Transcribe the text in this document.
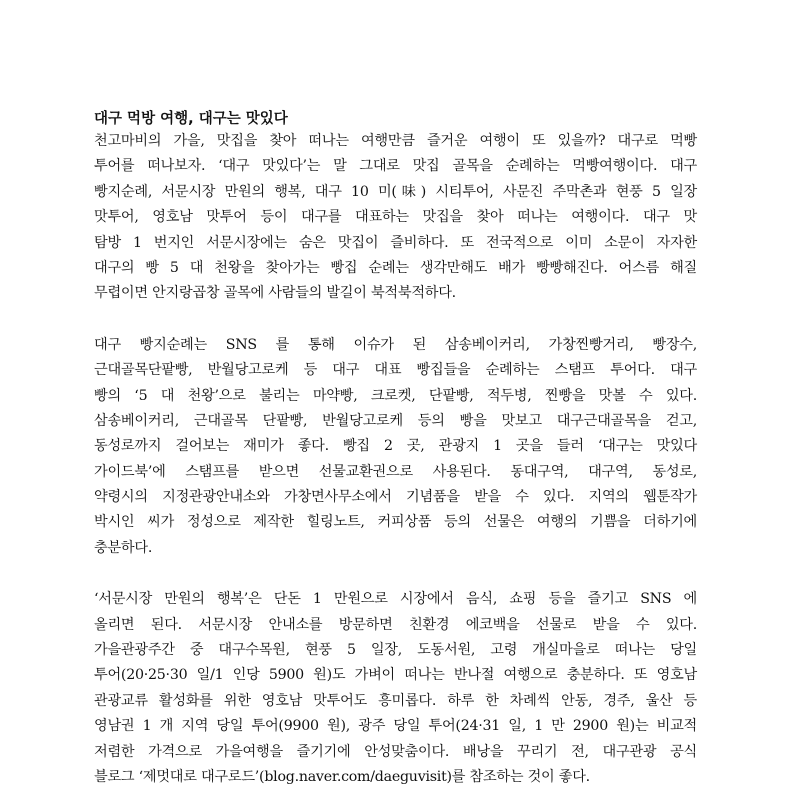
대구 먹방 여행, 대구는 맛있다
천고마비의 가을, 맛집을 찾아 떠나는 여행만큼 즐거운 여행이 또 있을까? 대구로 먹빵
투어를 떠나보자. ‘대구 맛있다’는 말 그대로 맛집 골목을 순례하는 먹빵여행이다. 대구
빵지순례, 서문시장 만원의 행복, 대구 10 미(味) 시티투어, 사문진 주막촌과 현풍 5 일장
맛투어, 영호남 맛투어 등이 대구를 대표하는 맛집을 찾아 떠나는 여행이다. 대구 맛
탐방 1 번지인 서문시장에는 숨은 맛집이 즐비하다. 또 전국적으로 이미 소문이 자자한
대구의 빵 5 대 천왕을 찾아가는 빵집 순례는 생각만해도 배가 빵빵해진다. 어스름 해질
무렵이면 안지랑곱창 골목에 사람들의 발길이 북적북적하다.
대구 빵지순례는 SNS 를 통해 이슈가 된 삼송베이커리, 가창찐빵거리, 빵장수,
근대골목단팥빵, 반월당고로케 등 대구 대표 빵집들을 순례하는 스탬프 투어다. 대구
빵의 ‘5 대 천왕’으로 불리는 마약빵, 크로켓, 단팥빵, 적두병, 찐빵을 맛볼 수 있다.
삼송베이커리, 근대골목 단팥빵, 반월당고로케 등의 빵을 맛보고 대구근대골목을 걷고,
동성로까지 걸어보는 재미가 좋다. 빵집 2 곳, 관광지 1 곳을 들러 ‘대구는 맛있다
가이드북’에 스탬프를 받으면 선물교환권으로 사용된다. 동대구역, 대구역, 동성로,
약령시의 지정관광안내소와 가창면사무소에서 기념품을 받을 수 있다. 지역의 웹툰작가
박시인 씨가 정성으로 제작한 힐링노트, 커피상품 등의 선물은 여행의 기쁨을 더하기에
충분하다.
‘서문시장 만원의 행복’은 단돈 1 만원으로 시장에서 음식, 쇼핑 등을 즐기고 SNS 에
올리면 된다. 서문시장 안내소를 방문하면 친환경 에코백을 선물로 받을 수 있다.
가을관광주간 중 대구수목원, 현풍 5 일장, 도동서원, 고령 개실마을로 떠나는 당일
투어(20·25·30 일/1 인당 5900 원)도 가벼이 떠나는 반나절 여행으로 충분하다. 또 영호남
관광교류 활성화를 위한 영호남 맛투어도 흥미롭다. 하루 한 차례씩 안동, 경주, 울산 등
영남권 1 개 지역 당일 투어(9900 원), 광주 당일 투어(24·31 일, 1 만 2900 원)는 비교적
저렴한 가격으로 가을여행을 즐기기에 안성맞춤이다. 배낭을 꾸리기 전, 대구관광 공식
블로그 ‘제멋대로 대구로드’(blog.naver.com/daeguvisit)를 참조하는 것이 좋다.
